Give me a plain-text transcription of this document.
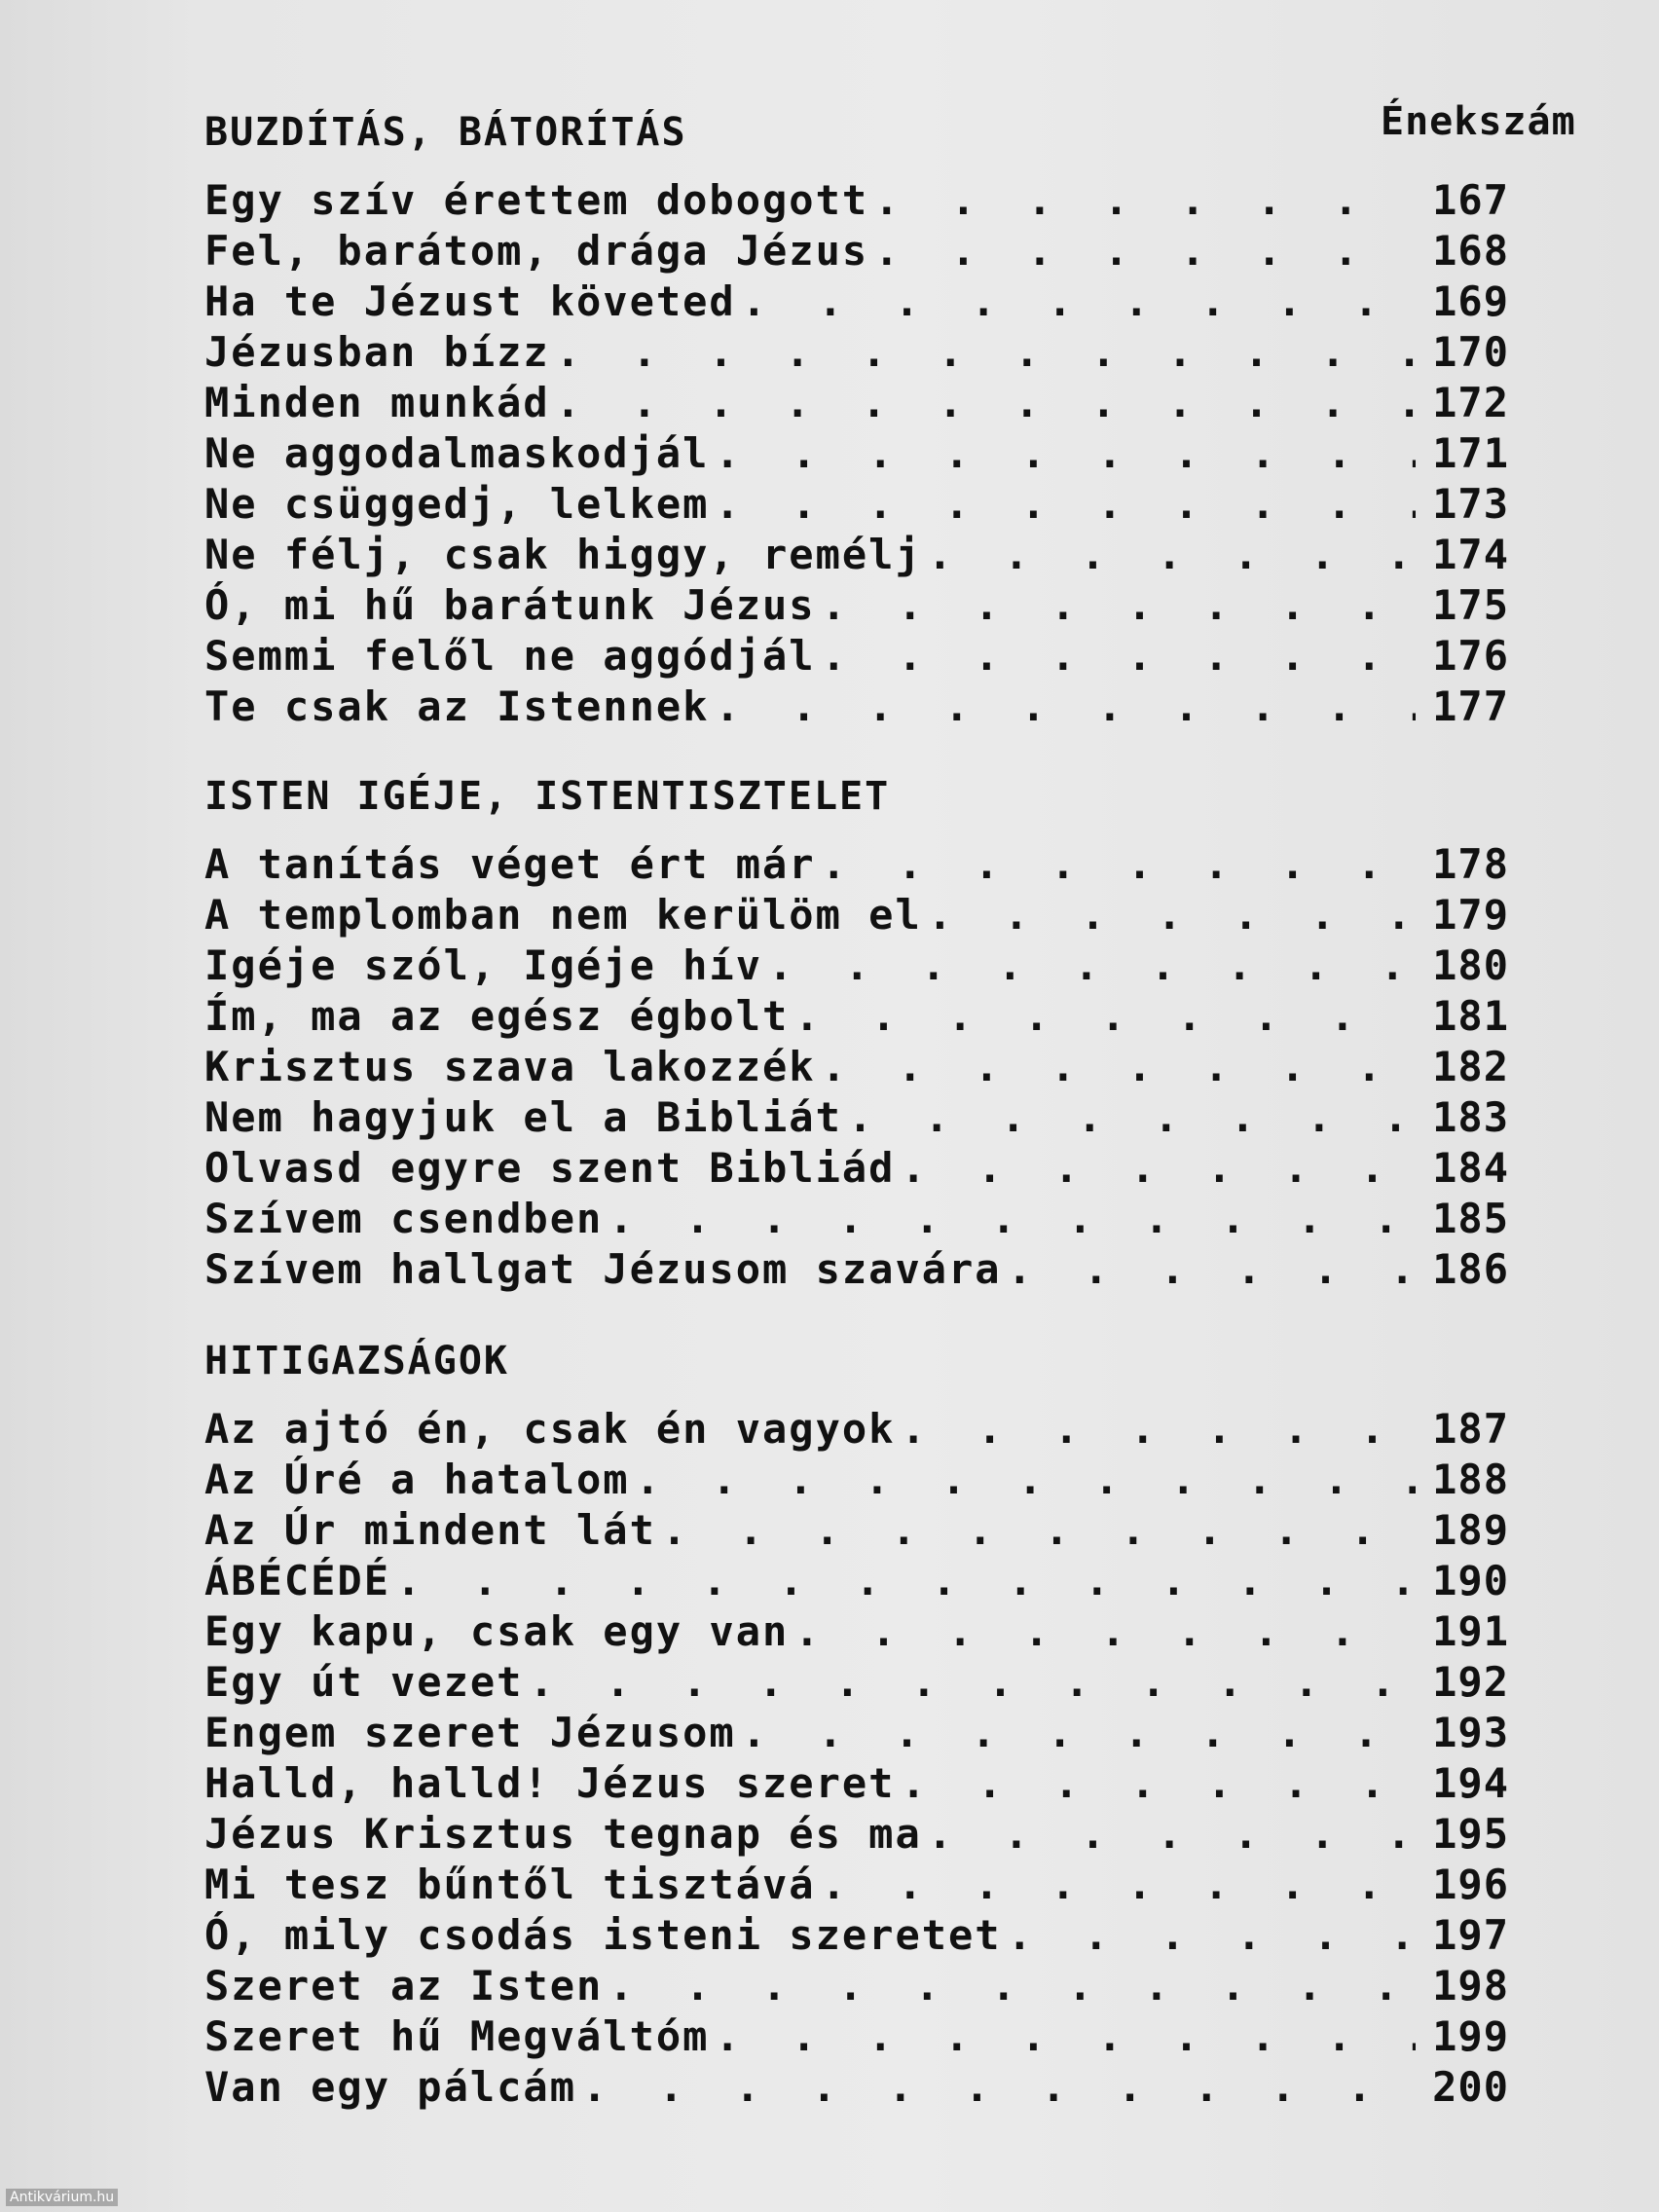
Énekszám
BUZDÍTÁS, BÁTORÍTÁS
Egy szív érettem dobogott . . .	167
Fel, barátom, drága Jézus . . .	168
Ha te Jézust követed . . .	169
Jézusban bízz . . .	170
Minden munkád . . .	172
Ne aggodalmaskodjál . . .	171
Ne csüggedj, lelkem . . .	173
Ne félj, csak higgy, remélj . . .	174
Ó, mi hű barátunk Jézus . . .	175
Semmi felől ne aggódjál . . .	176
Te csak az Istennek . . .	177
ISTEN IGÉJE, ISTENTISZTELET
A tanítás véget ért már . . .	178
A templomban nem kerülöm el . . .	179
Igéje szól, Igéje hív . . .	180
Ím, ma az egész égbolt . . .	181
Krisztus szava lakozzék . . .	182
Nem hagyjuk el a Bibliát . . .	183
Olvasd egyre szent Bibliád . . .	184
Szívem csendben . . .	185
Szívem hallgat Jézusom szavára . . .	186
HITIGAZSÁGOK
Az ajtó én, csak én vagyok . . .	187
Az Úré a hatalom . . .	188
Az Úr mindent lát . . .	189
ÁBÉCÉDÉ . . .	190
Egy kapu, csak egy van . . .	191
Egy út vezet . . .	192
Engem szeret Jézusom . . .	193
Halld, halld! Jézus szeret . . .	194
Jézus Krisztus tegnap és ma . . .	195
Mi tesz bűntől tisztává . . .	196
Ó, mily csodás isteni szeretet . . .	197
Szeret az Isten . . .	198
Szeret hű Megváltóm . . .	199
Van egy pálcám . . .	200
Antikvárium.hu
